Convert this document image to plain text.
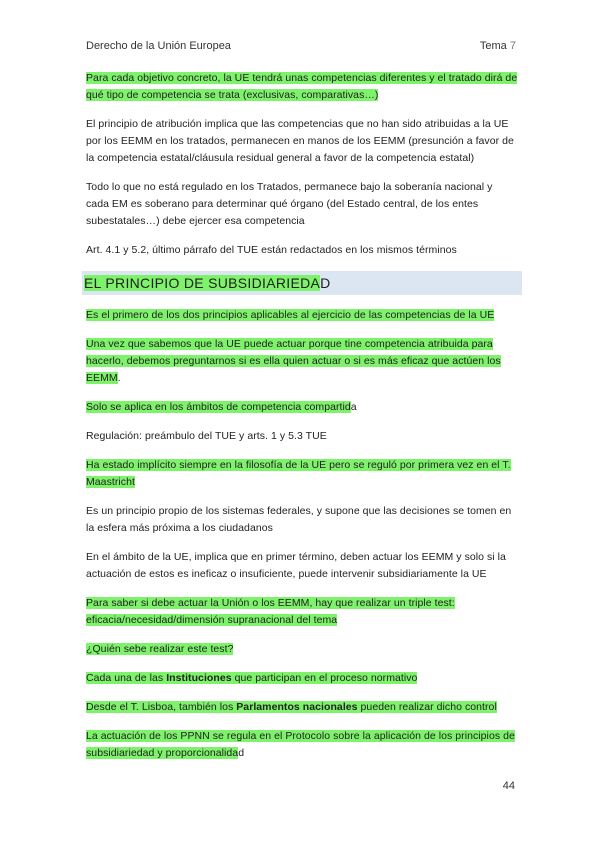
Derecho de la Unión Europea	Tema 7

Para cada objetivo concreto, la UE tendrá unas competencias diferentes y el tratado dirá de qué tipo de competencia se trata (exclusivas, comparativas…)

El principio de atribución implica que las competencias que no han sido atribuidas a la UE por los EEMM en los tratados, permanecen en manos de los EEMM (presunción a favor de la competencia estatal/cláusula residual general a favor de la competencia estatal)

Todo lo que no está regulado en los Tratados, permanece bajo la soberanía nacional y cada EM es soberano para determinar qué órgano (del Estado central, de los entes subestatales…) debe ejercer esa competencia

Art. 4.1 y 5.2, último párrafo del TUE están redactados en los mismos términos

EL PRINCIPIO DE SUBSIDIARIEDAD

Es el primero de los dos principios aplicables al ejercicio de las competencias de la UE

Una vez que sabemos que la UE puede actuar porque tine competencia atribuida para hacerlo, debemos preguntarnos si es ella quien actuar o si es más eficaz que actúen los EEMM.

Solo se aplica en los ámbitos de competencia compartida

Regulación: preámbulo del TUE y arts. 1 y 5.3 TUE

Ha estado implícito siempre en la filosofía de la UE pero se reguló por primera vez en el T. Maastricht

Es un principio propio de los sistemas federales, y supone que las decisiones se tomen en la esfera más próxima a los ciudadanos

En el ámbito de la UE, implica que en primer término, deben actuar los EEMM y solo si la actuación de estos es ineficaz o insuficiente, puede intervenir subsidiariamente la UE

Para saber si debe actuar la Unión o los EEMM, hay que realizar un triple test: eficacia/necesidad/dimensión supranacional del tema

¿Quién sebe realizar este test?

Cada una de las Instituciones que participan en el proceso normativo

Desde el T. Lisboa, también los Parlamentos nacionales pueden realizar dicho control

La actuación de los PPNN se regula en el Protocolo sobre la aplicación de los principios de subsidiariedad y proporcionalidad

44
